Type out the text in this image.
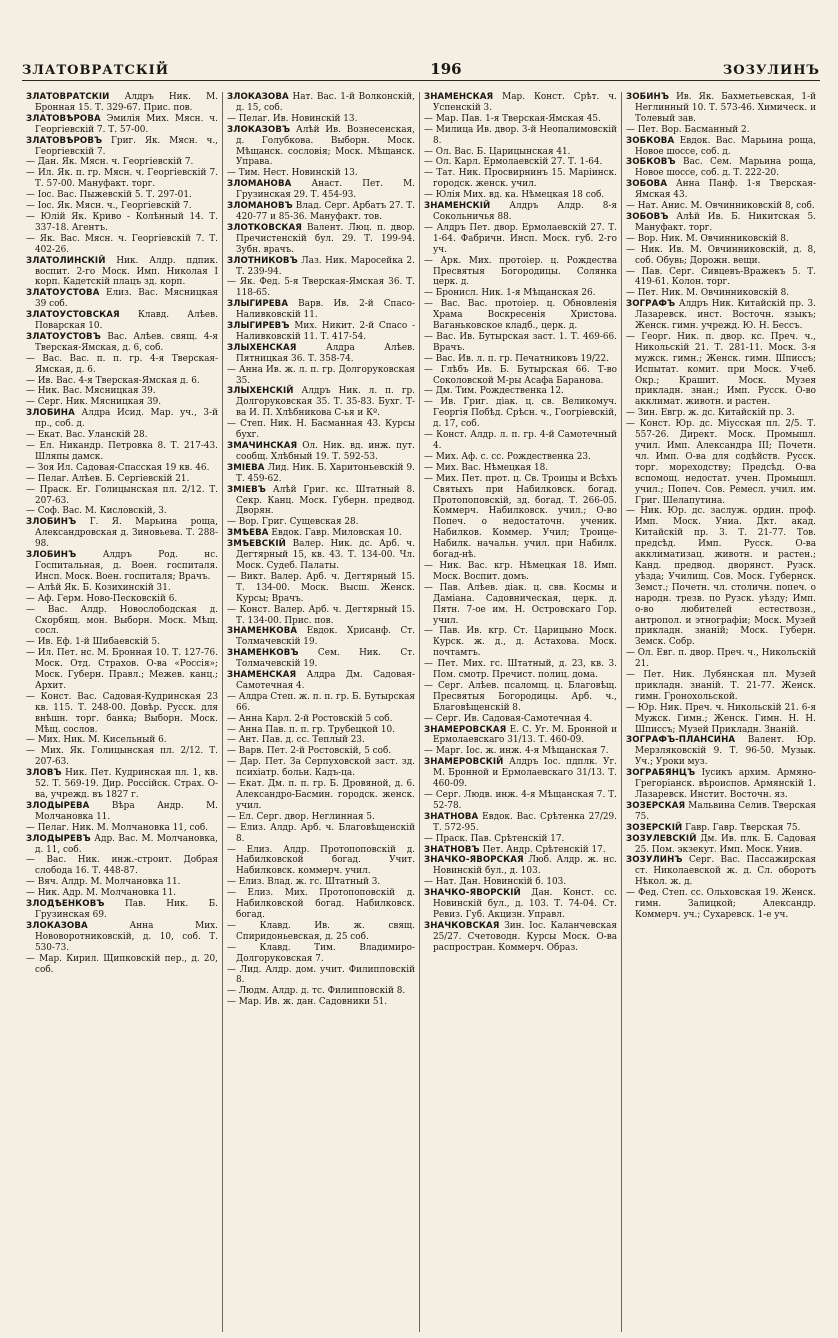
ЗЛАТОВРАТСКІЙ	196	ЗОЗУЛИНЪ

ЗЛАТОВРАТСКІЙ Алдръ Ник. М. Бронная 15. Т. 329-67. Прис. пов.

ЗЛАТОВѢРОВА Эмилія Мих. Мясн. ч. Георгіевскій 7. Т. 57-00.

ЗЛАТОВѢРОВЪ Григ. Як. Мясн. ч., Георгіевскій 7.

— Дан. Як. Мясн. ч. Георгіевскій 7.

— Ил. Як. п. гр. Мясн. ч. Георгіевскій 7. Т. 57-00. Мануфакт. торг.

— Іос. Вас. Пыжевскій 5. Т. 297-01.

— Іос. Як. Мясн. ч., Георгіевскій 7.

— Юлій Як. Криво - Колѣнный 14. Т. 337-18. Агентъ.

— Як. Вас. Мясн. ч. Георгіевскій 7. Т. 402-26.

ЗЛАТОЛИНСКІЙ Ник. Алдр. пдпик. воспит. 2-го Моск. Имп. Николая I корп. Кадетскій плацъ зд. корп.

ЗЛАТОУСТОВА Елиз. Вас. Мясницкая 39 соб.

ЗЛАТОУСТОВСКАЯ Клавд. Алѣев. Поварская 10.

ЗЛАТОУСТОВЪ Вас. Алѣев. свящ. 4-я Тверская-Ямская, д. 6, соб.

— Вас. Вас. п. п. гр. 4-я Тверская-Ямская, д. 6.

— Ив. Вас. 4-я Тверская-Ямская д. 6.

— Ник. Вас. Мясницкая 39.

— Серг. Ник. Мясницкая 39.

ЗЛОБИНА Алдра Исид. Мар. уч., 3-й пр., соб. д.

— Екат. Вас. Уланскій 28.

— Ел. Никандр. Петровка 8. Т. 217-43. Шляпы дамск.

— Зоя Ил. Садовая-Спасская 19 кв. 46.

— Пелаг. Алѣев. Б. Сергіевскій 21.

— Праск. Ег. Голицынская пл. 2/12. Т. 207-63.

— Соф. Вас. М. Кисловскій, 3.

ЗЛОБИНЪ Г. Я. Марьина роща, Александровская д. Зиновьева. Т. 288-98.

ЗЛОБИНЪ	Алдръ Род. нс. Госпитальная, д. Воен. госпиталя. Инсп. Моск. Воен. госпиталя; Врачъ.

— Алѣй Як. Б. Козихинскій 31.

— Аф. Герм. Ново-Песковскій 6.

— Вас. Алдр. Новослободская д. Скорбящ. мон. Выборн. Моск. Мѣщ. сосл.

— Ив. Еф. 1-й Шибаевскій 5.

— Ил. Пет. нс. М. Бронная 10. Т. 127-76. Моск. Отд. Страхов. О-ва «Россія»; Моск. Губерн. Правл.; Межев. канц.; Архит.

— Конст. Вас. Садовая-Кудринская 23 кв. 115. Т. 248-00. Довѣр. Русск. для внѣшн. торг. банка; Выборн. Моск. Мѣщ. сослов.

— Мих. Ник. М. Кисельный 6.

— Мих. Як. Голицынская пл. 2/12. Т. 207-63.

ЗЛОВЪ Ник. Пет. Кудринская пл. 1, кв. 52. Т. 569-19. Дир. Россійск. Страх. О-ва, учрежд. въ 1827 г.

ЗЛОДЫРЕВА	Вѣра Андр. М. Молчановка 11.

— Пелаг. Ник. М. Молчановка 11, соб.

ЗЛОДЫРЕВЪ Адр. Вас. М. Молчановка, д. 11, соб.

— Вас. Ник. инж.-строит. Добрая слобода 16. Т. 448-87.

— Вяч. Алдр. М. Молчановка 11.

— Ник. Адр. М. Молчановка 11.

ЗЛОДѢЕНКОВЪ Пав. Ник. Б. Грузинская 69.

ЗЛОКАЗОВА	Анна Мих. Нововоротниковскій, д. 10, соб. Т. 530-73.

— Мар. Кирил. Щипковскій пер., д. 20, соб.

ЗЛОКАЗОВА Нат. Вас. 1-й Волконскій, д. 15, соб.

— Пелаг. Ив. Новинскій 13.

ЗЛОКАЗОВЪ Алѣй Ив. Вознесенская, д. Голубкова. Выборн. Моск. Мѣщанск. сословія; Моск. Мѣщанск. Управа.

— Тим. Нест. Новинскій 13.

ЗЛОМАНОВА Анаст. Пет. М. Грузинская 29. Т. 454-93.

ЗЛОМАНОВЪ Влад. Серг. Арбатъ 27. Т. 420-77 и 85-36. Мануфакт. тов.

ЗЛОТКОВСКАЯ Валент. Люц. п. двор. Пречистенскій бул. 29. Т. 199-94. Зубн. врачъ.

ЗЛОТНИКОВЪ Лаз. Ник. Маросейка 2. Т. 239-94.

— Як. Фед. 5-я Тверская-Ямская 36. Т. 118-65.

ЗЛЫГИРЕВА Варв. Ив. 2-й Спасо-Наливковскій 11.

ЗЛЫГИРЕВЪ Мих. Никит. 2-й Спасо - Наливковскій 11. Т. 417-54.

ЗЛЫХЕНСКАЯ	Алдра Алѣев. Пятницкая 36. Т. 358-74.

— Анна Ив. ж. л. п. гр. Долгоруковская 35.

ЗЛЫХЕНСКІЙ Алдръ Ник. л. п. гр. Долгоруковская 35. Т. 35-83. Бухг. Т-ва И. П. Хлѣбникова С-ья и Кº.

— Степ. Ник. Н. Басманная 43. Курсы бухг.

ЗМАЧИНСКАЯ Ол. Ник. вд. инж. пут. сообщ. Хлѣбный 19. Т. 592-53.

ЗМІЕВА Лид. Ник. Б. Харитоньевскій 9. Т. 459-62.

ЗМІЕВЪ Алѣй Григ. кс. Штатный 8. Секр. Канц. Моск. Губерн. предвод. Дворян.

— Вор. Григ. Сущевская 28.

ЗМѢЕВА Евдок. Гавр. Миловская 10.

ЗМѢЕВСКІЙ Валер. Ник. дс. Арб. ч. Дегтярный 15, кв. 43. Т. 134-00. Чл. Моск. Судеб. Палаты.

— Викт. Валер. Арб. ч. Дегтярный 15. Т. 134-00. Моск. Высш. Женск. Курсы; Врачъ.

— Конст. Валер. Арб. ч. Дегтярный 15. Т. 134-00. Прис. пов.

ЗНАМЕНКОВА Евдок. Хрисанф. Ст. Толмачевскій 19.

ЗНАМЕНКОВЪ Сем. Ник. Ст. Толмачевскій 19.

ЗНАМЕНСКАЯ Алдра Дм. Садовая-Самотечная 4.

— Алдра Степ. ж. п. п. гр. Б. Бутырская 66.

— Анна Карл. 2-й Ростовскій 5 соб.

— Анна Пав. п. п. гр. Трубецкой 10.

— Ант. Пав. д. сс. Теплый 23.

— Варв. Пет. 2-й Ростовскій, 5 соб.

— Дар. Пет. За Серпуховской заст. зд. психіатр. больн. Кадъ-ца.

— Екат. Дм. п. п. гр. Б. Дровяной, д. 6. Александро-Басмин. городск. женск. учил.

— Ел. Серг. двор. Неглинная 5.

— Елиз. Алдр. Арб. ч. Благовѣщенскій 8.

— Елиз. Алдр. Протопоповскій д. Набилковской богад. Учит. Набилковск. коммерч. учил.

— Елиз. Влад. ж. гс. Штатный 3.

— Елиз. Мих. Протопоповскій д. Набилковской богад. Набилковск. богад.

— Клавд. Ив. ж. свящ. Спиридоньевская, д. 25 соб.

— Клавд. Тим. Владимиро-Долгоруковская 7.

— Лид. Алдр. дом. учит. Филипповскій 8.

— Людм. Алдр. д. тс. Филипповскій 8.

— Мар. Ив. ж. дан. Садовники 51.

ЗНАМЕНСКАЯ Мар. Конст. Срѣт. ч. Успенскій 3.

— Мар. Пав. 1-я Тверская-Ямская 45.

— Милица Ив. двор. 3-й Неопалимовскій 8.

— Ол. Вас. Б. Царицынская 41.

— Ол. Карл. Ермолаевскій 27. Т. 1-64.

— Тат. Ник. Просвирнинъ 15. Маріинск. городск. женск. учил.

— Юлія Мих. вд. ка. Нѣмецкая 18 соб.

ЗНАМЕНСКІЙ Алдръ Алдр. 8-я Сокольничья 88.

— Алдръ Пет. двор. Ермолаевскій 27. Т. 1-64. Фабричн. Инсп. Моск. губ. 2-го уч.

— Арк. Мих. протоіер. ц. Рождества Пресвятыя Богородицы. Солянка церк. д.

— Бронисл. Ник. 1-я Мѣщанская 26.

— Вас. Вас. протоіер. ц. Обновленія Храма Воскресенія Христова. Ваганьковское кладб., церк. д.

— Вас. Ив. Бутырская заст. 1. Т. 469-66. Врачъ.

— Вас. Ив. л. п. гр. Печатниковъ 19/22.

— Глѣбъ Ив. Б. Бутырская 66. Т-во Соколовской М-ры Асафа Баранова.

— Дм. Тим. Рождественка 12.

— Ив. Григ. діак. ц. св. Великомуч. Георгія Побѣд. Срѣсн. ч., Гоогріевскій, д. 17, соб.

— Конст. Алдр. л. п. гр. 4-й Самотечный 4.

— Мих. Аф. с. сс. Рождественка 23.

— Мих. Вас. Нѣмецкая 18.

— Мих. Пет. прот. ц. Св. Троицы и Всѣхъ Святыхъ при Набилковск. богад. Протопоповскій, зд. богад. Т. 266-05. Коммерч. Набилковск. учил.; О-во Попеч. о недостаточн. ученик. Набилков. Коммер. Учил; Троице-Набилк. начальн. учил. при Набилк. богад-нѣ.

— Ник. Вас. кгр. Нѣмецкая 18. Имп. Моск. Воспит. домъ.

— Пав. Алѣев. діак. ц. свв. Космы и Даміана. Садовническая, церк. д. Пятн. 7-ое им. Н. Островскаго Гор. учил.

— Пав. Ив. кгр. Ст. Царицыно Моск. Курск. ж. д., д. Астахова. Моск. почтамтъ.

— Пет. Мих. гс. Штатный, д. 23, кв. 3. Пом. смотр. Пречист. полиц. дома.

— Серг. Алѣев. псаломщ. ц. Благовѣщ. Пресвятыя Богородицы. Арб. ч., Благовѣщенскій 8.

— Серг. Ив. Садовая-Самотечная 4.

ЗНАМЕРОВСКАЯ Е. С. Уг. М. Бронной и Ермолаевскаго 31/13. Т. 460-09.

— Марг. Іос. ж. инж. 4-я Мѣщанская 7.

ЗНАМЕРОВСКІЙ Алдръ Іос. пдплк. Уг. М. Бронной и Ермолаевскаго 31/13. Т. 460-09.

— Серг. Людв. инж. 4-я Мѣщанская 7. Т. 52-78.

ЗНАТНОВА Евдок. Вас. Срѣтенка 27/29. Т. 572-95.

— Праск. Пав. Срѣтенскій 17.

ЗНАТНОВЪ Пет. Андр. Срѣтенскій 17.

ЗНАЧКО-ЯВОРСКАЯ Люб. Алдр. ж. нс. Новинскій бул., д. 103.

— Нат. Дан. Новинскій б. 103.

ЗНАЧКО-ЯВОРСКІЙ Дан. Конст. сс. Новинскій бул., д. 103. Т. 74-04. Ст. Ревиз. Губ. Акцизн. Управл.

ЗНАЧКОВСКАЯ Зин. Іос. Каланчевская 25/27. Счетоводн. Курсы Моск. О-ва распростран. Коммерч. Образ.

ЗОБИНЪ Ив. Як. Бахметьевская, 1-й Неглинный 10. Т. 573-46. Химическ. и Толевый зав.

— Пет. Вор. Басманный 2.

ЗОБКОВА Евдок. Вас. Марьина роща, Новое шоссе, соб. д.

ЗОБКОВЪ Вас. Сем. Марьина роща, Новое шоссе, соб. д. Т. 222-20.

ЗОБОВА Анна Панф. 1-я Тверская-Ямская 43.

— Нат. Анис. М. Овчинниковскій 8, соб.

ЗОБОВЪ Алѣй Ив. Б. Никитская 5. Мануфакт. торг.

— Вор. Ник. М. Овчинниковскій 8.

— Ник. Ив. М. Овчинниковскій, д. 8, соб. Обувь; Дорожн. вещи.

— Пав. Серг. Сивцевъ-Вражекъ 5. Т. 419-61. Колон. торг.

— Пет. Ник. М. Овчинниковскій 8.

ЗОГРАФЪ Алдръ Ник. Китайскій пр. 3. Лазаревск. инст. Восточн. языкъ; Женск. гимн. учрежд. Ю. Н. Бессъ.

— Георг. Ник. п. двор. кс. Преч. ч., Никольскій 21. Т. 281-11. Моск. 3-я мужск. гимн.; Женск. гимн. Шписсъ; Испытат. комит. при Моск. Учеб. Окр.; Крашит. Моск. Музея прикладн. знан.; Имп. Русск. О-во акклимат. животн. и растен.

— Зин. Евгр. ж. дс. Китайскій пр. 3.

— Конст. Юр. дс. Міусская пл. 2/5. Т. 557-26. Директ. Моск. Промышл. учил. Имп. Александра III; Почетн. чл. Имп. О-ва для содѣйств. Русск. торг. мореходству; Предсѣд. О-ва вспомощ. недостат. учен. Промышл. учил.; Попеч. Сов. Ремесл. учил. им. Григ. Шелапутина.

— Ник. Юр. дс. заслуж. ордин. проф. Имп. Моск. Униа. Дкт. акад. Китайскій пр. 3. Т. 21-77. Тов. предсѣд. Имп. Русск. О-ва акклиматизац. животн. и растен.; Канд. предвод. дворянст. Рузск. уѣзда; Училищ. Сов. Моск. Губернск. Земст.; Почетн. чл. столичн. попеч. о народн. трезв. по Рузск. уѣзду; Имп. о-во любителей естествозн., антропол. и этнографіи; Моск. Музей прикладн. знаній; Моск. Губерн. Земск. Собр.

— Ол. Евг. п. двор. Преч. ч., Никольскій 21.

— Пет. Ник. Лубянская пл. Музей прикладн. знаній. Т. 21-77. Женск. гимн. Гронохольской.

— Юр. Ник. Преч. ч. Никольскій 21. 6-я Мужск. Гимн.; Женск. Гимн. Н. Н. Шписсъ; Музей Прикладн. Знаній.

ЗОГРАФЪ-ПЛАНСИНА Валент. Юр. Мерзляковскій 9. Т. 96-50. Музык. Уч.; Уроки муз.

ЗОГРАБЯНЦЪ Іусикъ архим. Армяно-Грегоріанск. вѣроиспов. Армянскій 1. Лазаревск. Инстит. Восточн. яз.

ЗОЗЕРСКАЯ Мальвина Селив. Тверская 75.

ЗОЗЕРСКІЙ Гавр. Гавр. Тверская 75.

ЗОЗУЛЕВСКІЙ Дм. Ив. плк. Б. Садовая 25. Пом. экзекут. Имп. Моск. Унив.

ЗОЗУЛИНЪ Серг. Вас. Пассажирская ст. Николаевской ж. д. Сл. оборотъ Нѣкол. ж. д.

— Фед. Степ. сс. Ольховская 19. Женск. гимн. Залицкой; Александр. Коммерч. уч.; Сухаревск. 1-е уч.
